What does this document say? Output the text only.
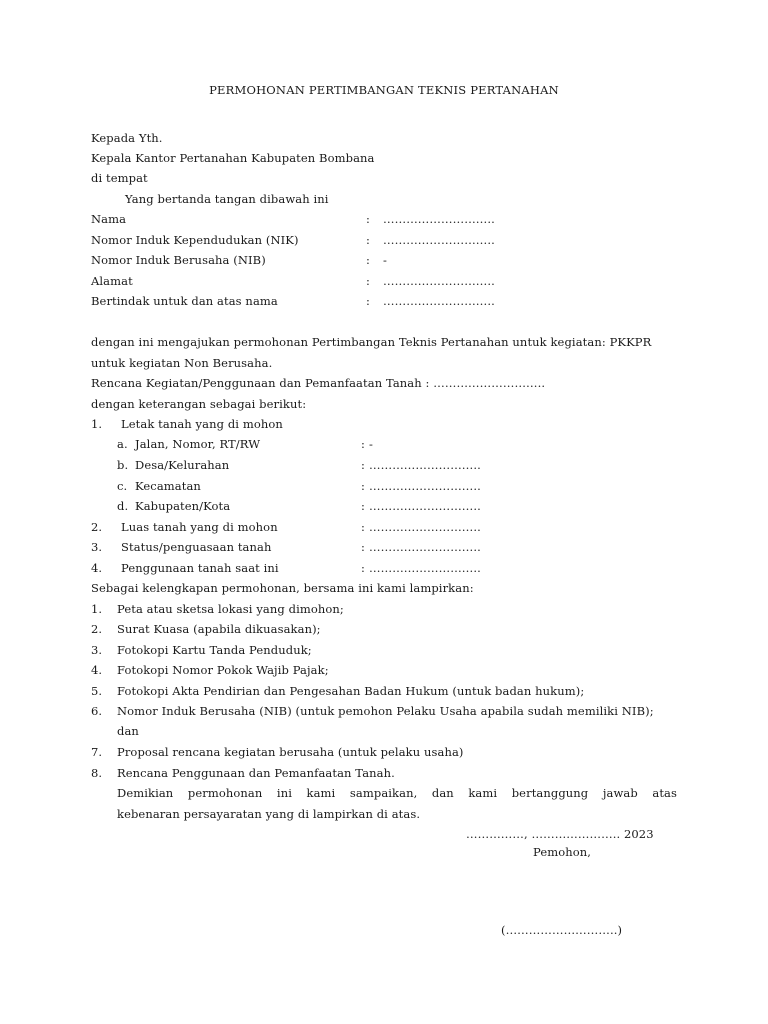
PERMOHONAN PERTIMBANGAN TEKNIS PERTANAHAN
Kepada Yth.
Kepala Kantor Pertanahan Kabupaten Bombana
di tempat
Yang bertanda tangan dibawah ini
Nama	: ………………………..
Nomor Induk Kependudukan (NIK)	: ………………………..
Nomor Induk Berusaha (NIB)	: -
Alamat	: ………………………..
Bertindak untuk dan atas nama	: ………………………..
dengan ini mengajukan permohonan Pertimbangan Teknis Pertanahan untuk kegiatan: PKKPR
untuk kegiatan Non Berusaha.
Rencana Kegiatan/Penggunaan dan Pemanfaatan Tanah : ………………………..
dengan keterangan sebagai berikut:
1. Letak tanah yang di mohon
a. Jalan, Nomor, RT/RW	: -
b. Desa/Kelurahan	: ………………………..
c. Kecamatan	: ………………………..
d. Kabupaten/Kota	: ………………………..
2. Luas tanah yang di mohon	: ………………………..
3. Status/penguasaan tanah	: ………………………..
4. Penggunaan tanah saat ini	: ………………………..
Sebagai kelengkapan permohonan, bersama ini kami lampirkan:
1. Peta atau sketsa lokasi yang dimohon;
2. Surat Kuasa (apabila dikuasakan);
3. Fotokopi Kartu Tanda Penduduk;
4. Fotokopi Nomor Pokok Wajib Pajak;
5. Fotokopi Akta Pendirian dan Pengesahan Badan Hukum (untuk badan hukum);
6. Nomor Induk Berusaha (NIB) (untuk pemohon Pelaku Usaha apabila sudah memiliki NIB);
dan
7. Proposal rencana kegiatan berusaha (untuk pelaku usaha)
8. Rencana Penggunaan dan Pemanfaatan Tanah.
Demikian permohonan ini kami sampaikan, dan kami bertanggung jawab atas
kebenaran persayaratan yang di lampirkan di atas.
……………, ………………….. 2023
Pemohon,
(………………………..)
